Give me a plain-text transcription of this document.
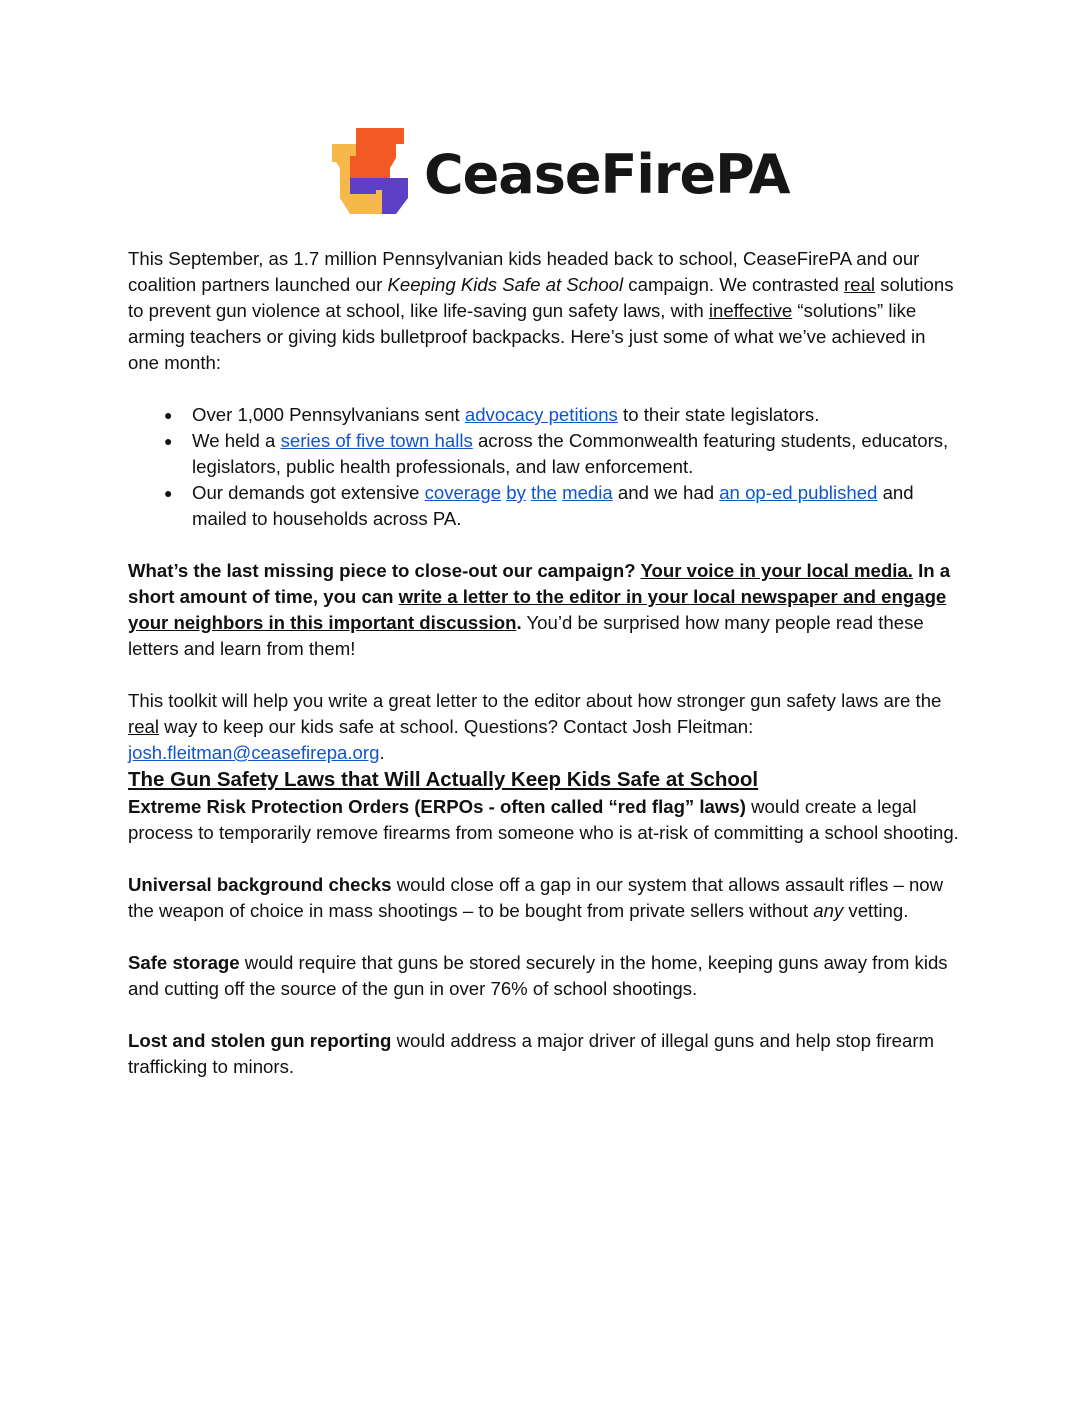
CeaseFirePA

This September, as 1.7 million Pennsylvanian kids headed back to school, CeaseFirePA and our coalition partners launched our Keeping Kids Safe at School campaign. We contrasted real solutions to prevent gun violence at school, like life-saving gun safety laws, with ineffective “solutions” like arming teachers or giving kids bulletproof backpacks. Here’s just some of what we’ve achieved in one month:

● Over 1,000 Pennsylvanians sent advocacy petitions to their state legislators.
● We held a series of five town halls across the Commonwealth featuring students, educators, legislators, public health professionals, and law enforcement.
● Our demands got extensive coverage by the media and we had an op-ed published and mailed to households across PA.

What’s the last missing piece to close-out our campaign? Your voice in your local media. In a short amount of time, you can write a letter to the editor in your local newspaper and engage your neighbors in this important discussion. You’d be surprised how many people read these letters and learn from them!

This toolkit will help you write a great letter to the editor about how stronger gun safety laws are the real way to keep our kids safe at school. Questions? Contact Josh Fleitman: josh.fleitman@ceasefirepa.org.

The Gun Safety Laws that Will Actually Keep Kids Safe at School

Extreme Risk Protection Orders (ERPOs - often called “red flag” laws) would create a legal process to temporarily remove firearms from someone who is at-risk of committing a school shooting.

Universal background checks would close off a gap in our system that allows assault rifles – now the weapon of choice in mass shootings – to be bought from private sellers without any vetting.

Safe storage would require that guns be stored securely in the home, keeping guns away from kids and cutting off the source of the gun in over 76% of school shootings.

Lost and stolen gun reporting would address a major driver of illegal guns and help stop firearm trafficking to minors.
